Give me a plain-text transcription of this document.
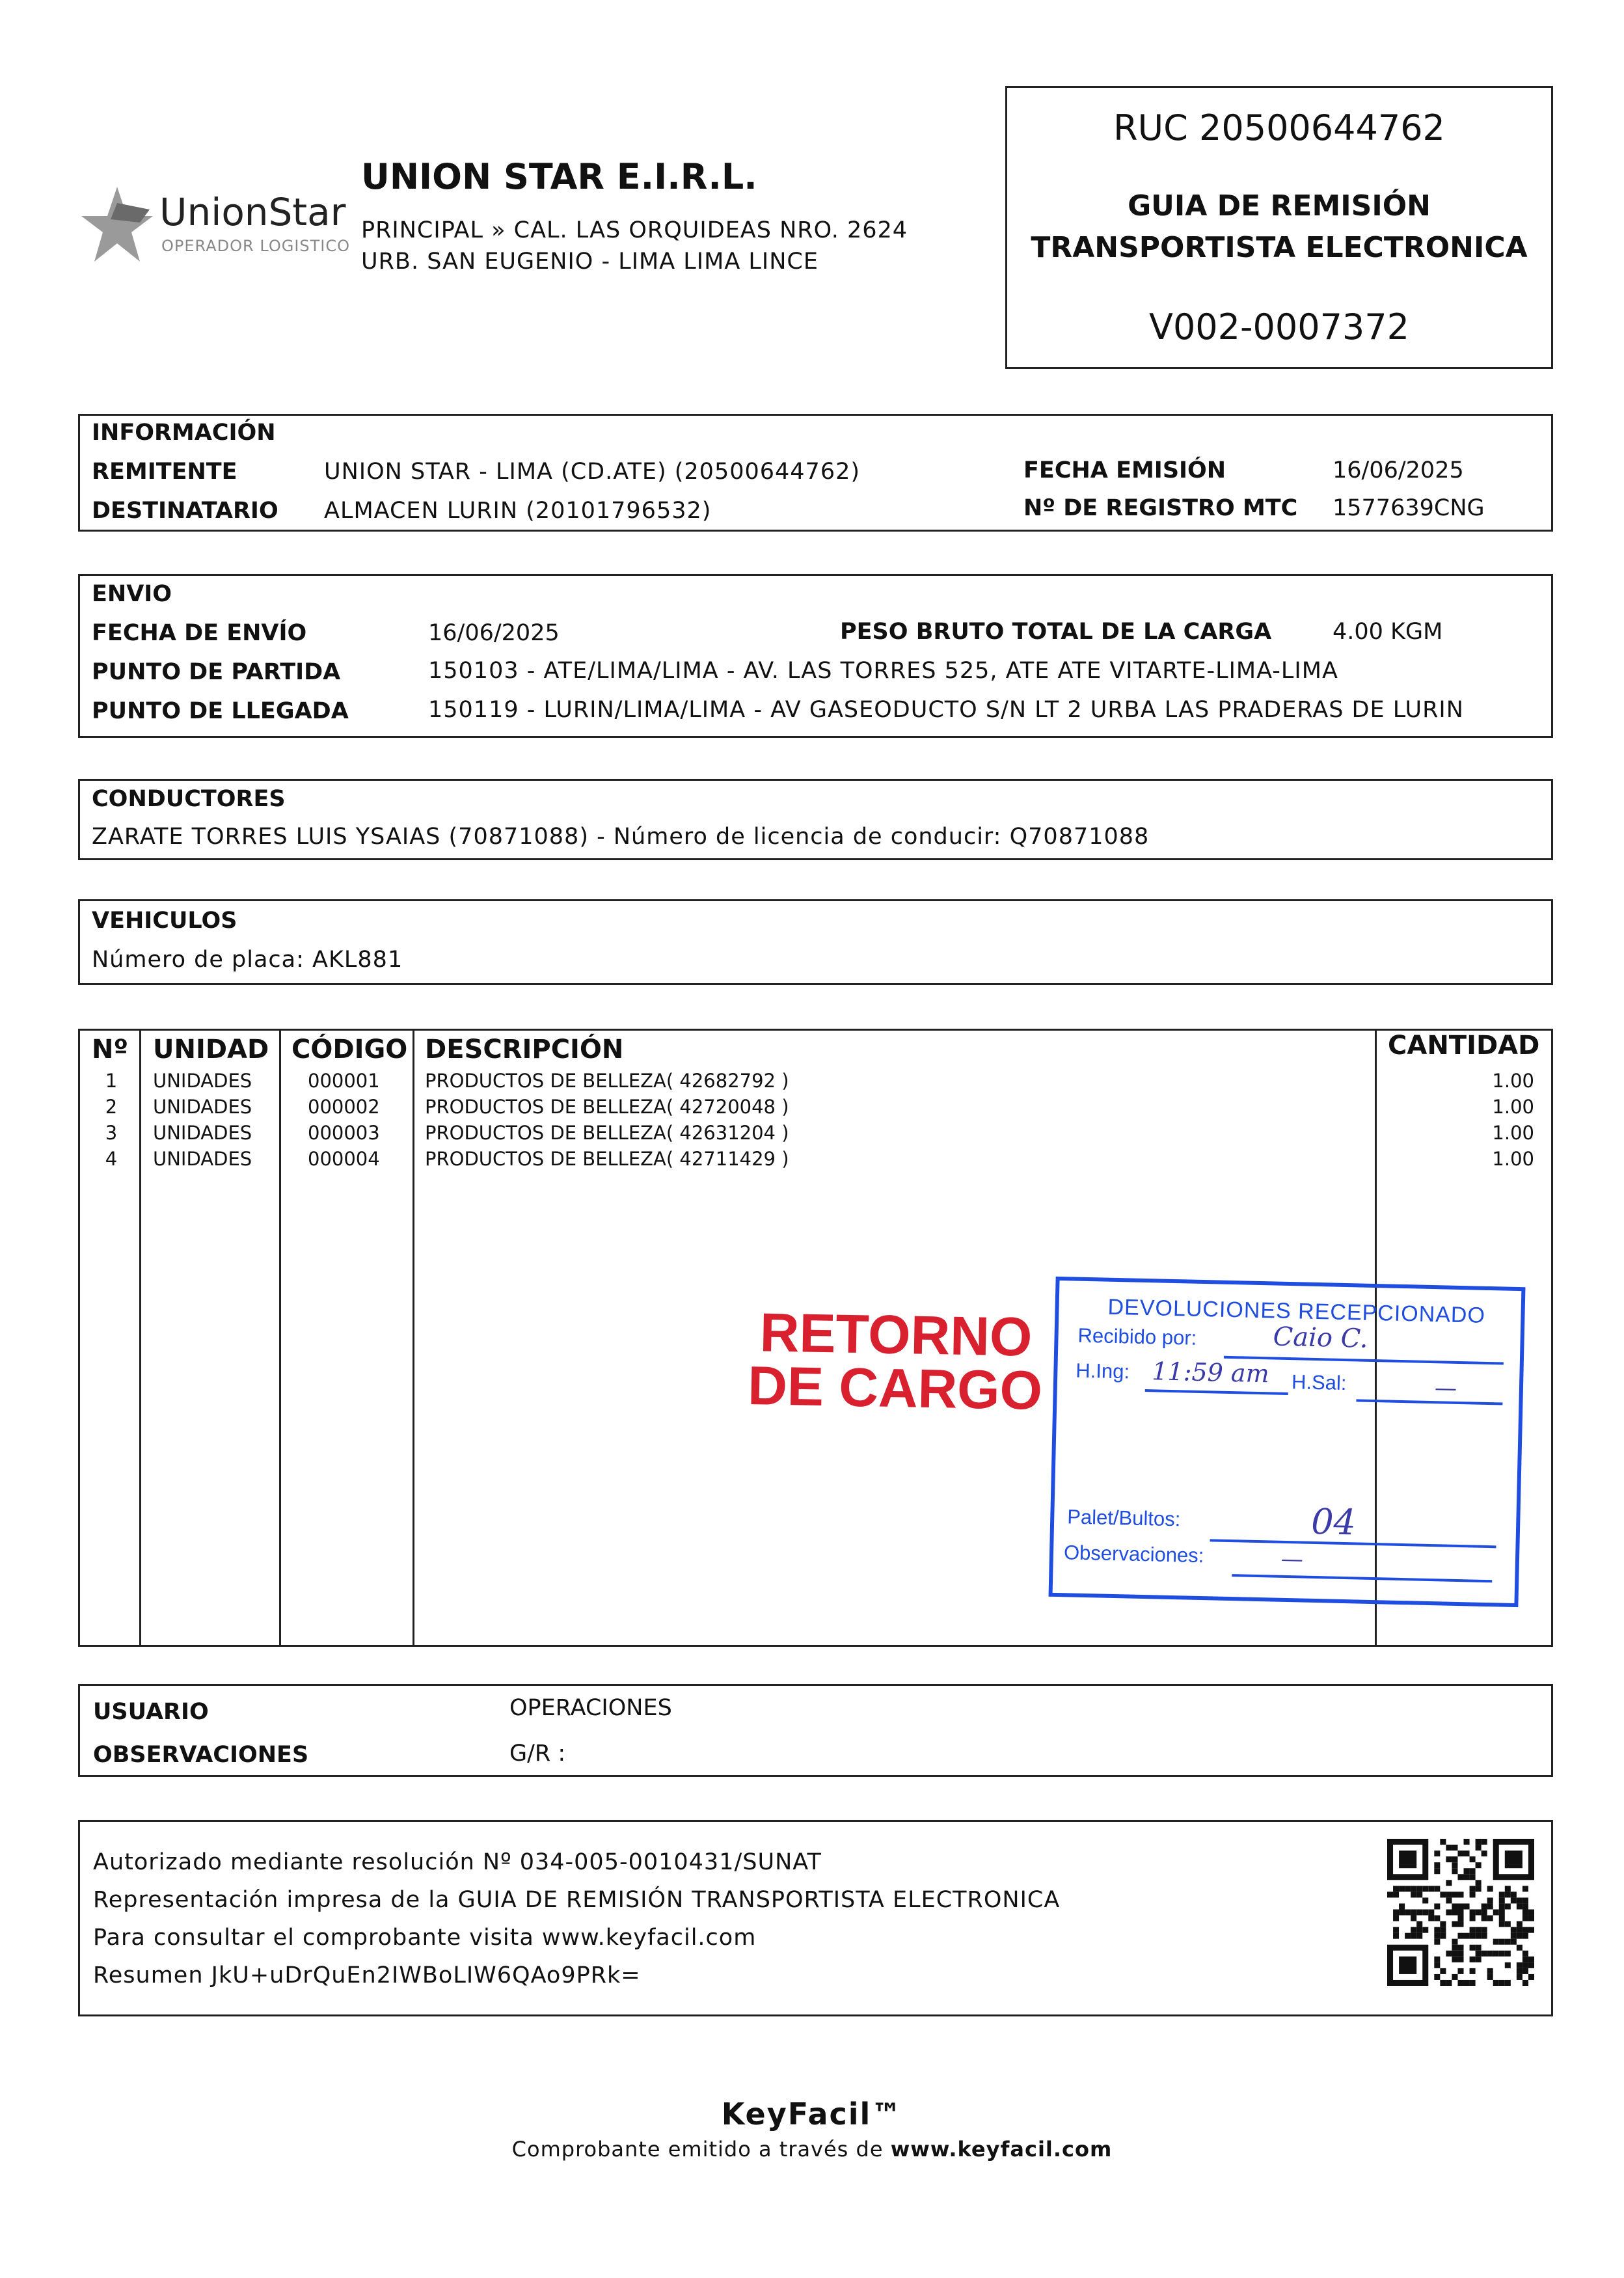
UnionStar
OPERADOR LOGISTICO
UNION STAR E.I.R.L.
PRINCIPAL » CAL. LAS ORQUIDEAS NRO. 2624
URB. SAN EUGENIO - LIMA LIMA LINCE
RUC 20500644762
GUIA DE REMISIÓN
TRANSPORTISTA ELECTRONICA
V002-0007372
INFORMACIÓN
REMITENTE	UNION STAR - LIMA (CD.ATE) (20500644762)
DESTINATARIO ALMACEN LURIN (20101796532)
FECHA EMISIÓN	16/06/2025
Nº DE REGISTRO MTC 1577639CNG
ENVIO
FECHA DE ENVÍO	16/06/2025	PESO BRUTO TOTAL DE LA CARGA	4.00 KGM
PUNTO DE PARTIDA	150103 - ATE/LIMA/LIMA - AV. LAS TORRES 525, ATE ATE VITARTE-LIMA-LIMA
PUNTO DE LLEGADA	150119 - LURIN/LIMA/LIMA - AV GASEODUCTO S/N LT 2 URBA LAS PRADERAS DE LURIN
CONDUCTORES
ZARATE TORRES LUIS YSAIAS (70871088) - Número de licencia de conducir: Q70871088
VEHICULOS
Número de placa: AKL881
Nº UNIDAD CÓDIGO DESCRIPCIÓN	CANTIDAD
1	UNIDADES	000001 PRODUCTOS DE BELLEZA( 42682792 )	1.00
2	UNIDADES	000002 PRODUCTOS DE BELLEZA( 42720048 )	1.00
3	UNIDADES	000003 PRODUCTOS DE BELLEZA( 42631204 )	1.00
4	UNIDADES	000004 PRODUCTOS DE BELLEZA( 42711429 )	1.00
RETORNO
DE CARGO
DEVOLUCIONES RECEPCIONADO
Recibido por:	Caio C.
H.Ing: 11:59 am H.Sal:	—
Palet/Bultos:	04
Observaciones:	—
USUARIO	OPERACIONES
OBSERVACIONES	G/R :
Autorizado mediante resolución Nº 034-005-0010431/SUNAT
Representación impresa de la GUIA DE REMISIÓN TRANSPORTISTA ELECTRONICA
Para consultar el comprobante visita www.keyfacil.com
Resumen JkU+uDrQuEn2IWBoLIW6QAo9PRk=
KeyFacil™
Comprobante emitido a través de www.keyfacil.com
